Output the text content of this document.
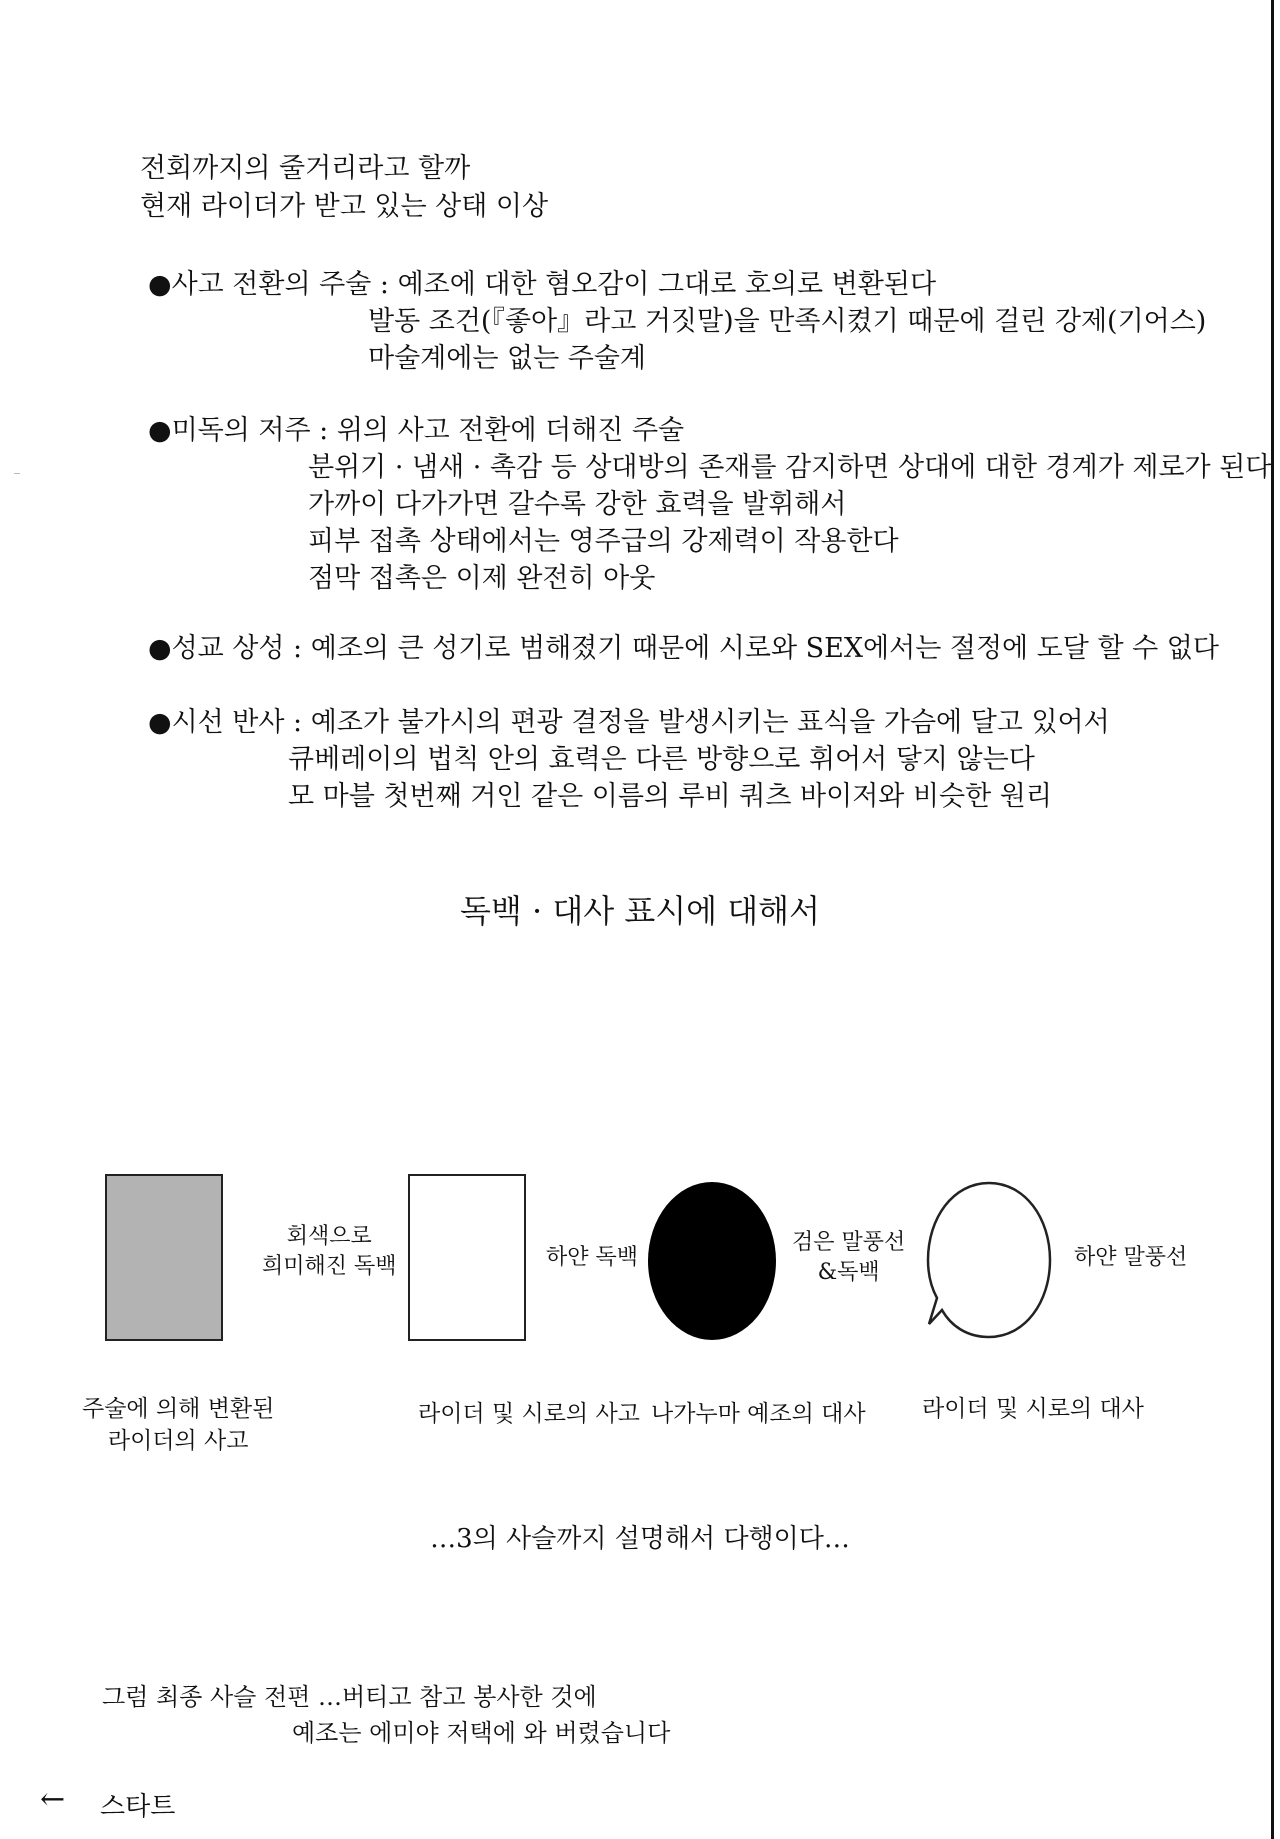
전회까지의 줄거리라고 할까
현재 라이더가 받고 있는 상태 이상
●사고 전환의 주술 : 예조에 대한 혐오감이 그대로 호의로 변환된다
발동 조건(『좋아』라고 거짓말)을 만족시켰기 때문에 걸린 강제(기어스)
마술계에는 없는 주술계
●미독의 저주 : 위의 사고 전환에 더해진 주술
분위기 · 냄새 · 촉감 등 상대방의 존재를 감지하면 상대에 대한 경계가 제로가 된다
가까이 다가가면 갈수록 강한 효력을 발휘해서
피부 접촉 상태에서는 영주급의 강제력이 작용한다
점막 접촉은 이제 완전히 아웃
●성교 상성 : 예조의 큰 성기로 범해졌기 때문에 시로와 SEX에서는 절정에 도달 할 수 없다
●시선 반사 : 예조가 불가시의 편광 결정을 발생시키는 표식을 가슴에 달고 있어서
큐베레이의 법칙 안의 효력은 다른 방향으로 휘어서 닿지 않는다
모 마블 첫번째 거인 같은 이름의 루비 쿼츠 바이저와 비슷한 원리
독백 · 대사 표시에 대해서
회색으로
희미해진 독백	하얀 독백
검은 말풍선
&독백
하얀 말풍선
주술에 의해 변환된
라이더의 사고
라이더 및 시로의 사고 나가누마 예조의 대사 라이더 및 시로의 대사
…3의 사슬까지 설명해서 다행이다…
그럼 최종 사슬 전편 …버티고 참고 봉사한 것에
예조는 에미야 저택에 와 버렸습니다
← 스타트
